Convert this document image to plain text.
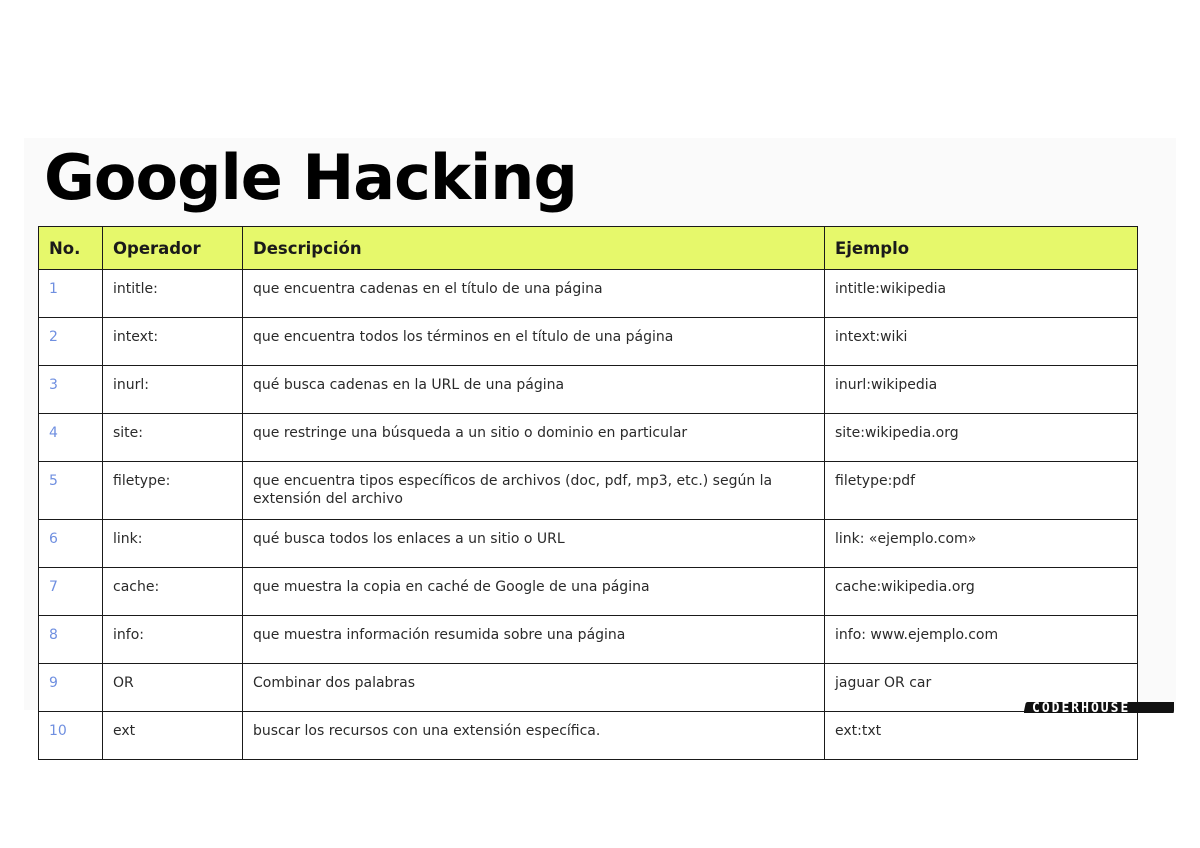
Google Hacking
No.	Operador	Descripción	Ejemplo
1	intitle:	que encuentra cadenas en el título de una página	intitle:wikipedia
2	intext:	que encuentra todos los términos en el título de una página	intext:wiki
3	inurl:	qué busca cadenas en la URL de una página	inurl:wikipedia
4	site:	que restringe una búsqueda a un sitio o dominio en particular	site:wikipedia.org
5	filetype:	que encuentra tipos específicos de archivos (doc, pdf, mp3, etc.) según la extensión del archivo	filetype:pdf
6	link:	qué busca todos los enlaces a un sitio o URL	link: «ejemplo.com»
7	cache:	que muestra la copia en caché de Google de una página	cache:wikipedia.org
8	info:	que muestra información resumida sobre una página	info: www.ejemplo.com
9	OR	Combinar dos palabras	jaguar OR car
10	ext	buscar los recursos con una extensión específica.	ext:txt
CODERHOUSE
